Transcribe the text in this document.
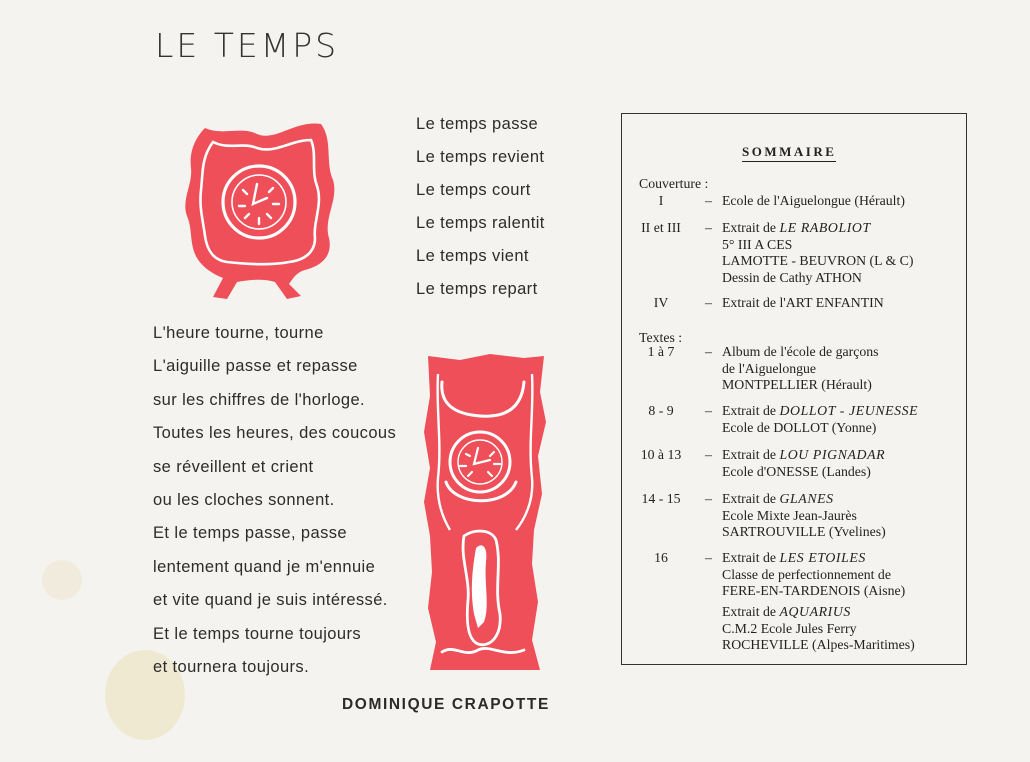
LE TEMPS
Le temps passe
Le temps revient
Le temps court
Le temps ralentit
Le temps vient
Le temps repart
L'heure tourne, tourne
L'aiguille passe et repasse
sur les chiffres de l'horloge.
Toutes les heures, des coucous
se réveillent et crient
ou les cloches sonnent.
Et le temps passe, passe
lentement quand je m'ennuie
et vite quand je suis intéressé.
Et le temps tourne toujours
et tournera toujours.
DOMINIQUE CRAPOTTE
SOMMAIRE
Couverture :
I	– Ecole de l'Aiguelongue (Hérault)
II et III	– Extrait de LE RABOLIOT
5° III A CES
LAMOTTE - BEUVRON (L & C)
Dessin de Cathy ATHON
IV	– Extrait de l'ART ENFANTIN
Textes :
1 à 7	– Album de l'école de garçons
de l'Aiguelongue
MONTPELLIER (Hérault)
8 - 9	– Extrait de DOLLOT - JEUNESSE
Ecole de DOLLOT (Yonne)
10 à 13	– Extrait de LOU PIGNADAR
Ecole d'ONESSE (Landes)
14 - 15	– Extrait de GLANES
Ecole Mixte Jean-Jaurès
SARTROUVILLE (Yvelines)
16	– Extrait de LES ETOILES
Classe de perfectionnement de
FERE-EN-TARDENOIS (Aisne)
Extrait de AQUARIUS
C.M.2 Ecole Jules Ferry
ROCHEVILLE (Alpes-Maritimes)
